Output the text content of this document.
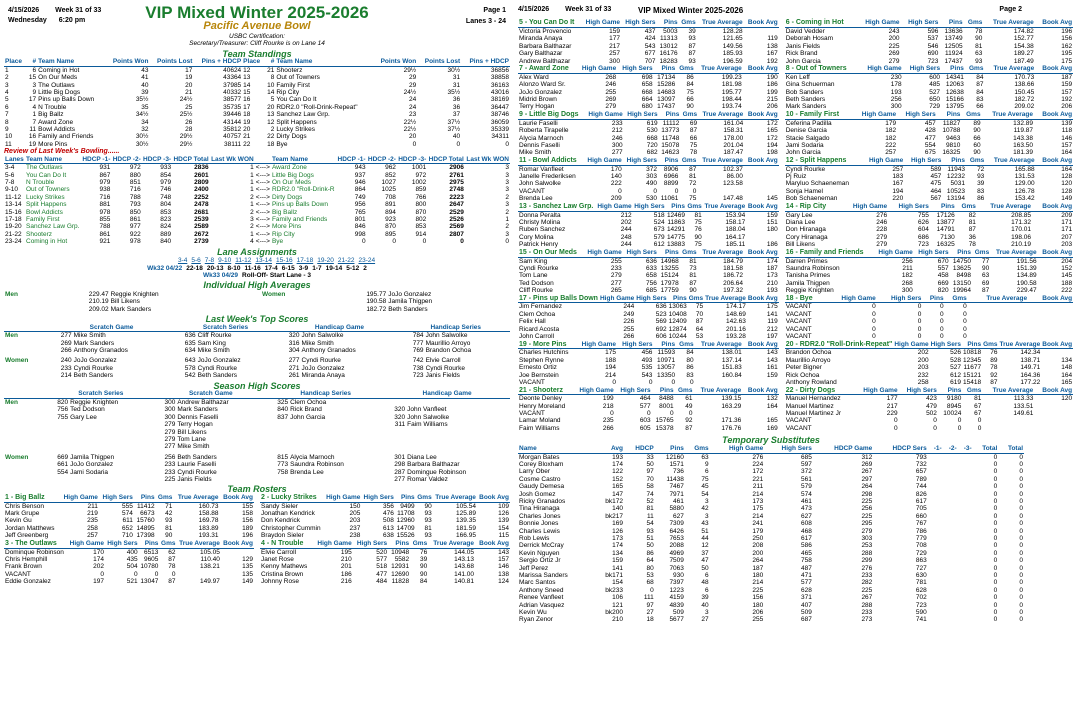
VIP Mixed Winter 2025-2026
4/15/2026 Week 31 of 33
Wednesday 6:20 pm
Page 1
Lanes 3 - 24
Pacific Avenue Bowl
USBC Certification:
Secretary/Treasurer: Cliff Rourke is on Lane 14
Team Standings
Place	#	Team Name	Points Won	Points Lost	Pins + HDCP	Place	#	Team Name	Points Won	Points Lost	Pins + HDCP
1	6	Coming in Hot	43	17	40624	12	21	Shooterz	29½	30½	36856
2	15	On Our Meds	41	19	43364	13	8	Out of Towners	29	31	38858
3	3	The Outlaws	40	20	37985	14	10	Family First	29	31	36163
4	9	Little Big Dogs	39	21	40332	15	14	Rip City	24½	35½	43016
5	17	Pins up Balls Down	35½	24½	38577	16	5	You Can Do It	24	36	38169
6	4	N Trouble	35	25	35735	17	20	RDR2.0 "Roll-Drink-Repeat"	24	36	36447
7	1	Big Ballz	34½	25½	39446	18	13	Sanchez Law Grp.	23	37	38746
8	7	Award Zone	34	26	43144	19	12	Split Happens	22½	37½	36059
9	11	Bowl Addicts	32	28	35812	20	2	Lucky Strikes	22½	37½	35339
10	16	Family and Friends	30½	29½	40757	21	22	Dirty Dogs	20	40	34311
11	19	More Pins	30½	29½	38111	22	18	Bye	0	0	0
Review of Last Week's Bowling......
Lanes	Team Name	HDCP -1-	HDCP -2-	HDCP -3-	HDCP Total	Last Wk WON		Team Name	HDCP -1-	HDCP -2-	HDCP -3-	HDCP Total	Last Wk WON
3-4	The Outlaws	931	972	933	2836	1	<--->	Award Zone	943	962	1001	2906	3
5-6	You Can Do It	867	880	854	2601	1	<--->	Little Big Dogs	937	852	972	2761	3
7-8	N Trouble	979	851	979	2809	1	<--->	On Our Meds	946	1027	1002	2975	3
9-10	Out of Towners	938	716	746	2400	1	<--->	RDR2.0 "Roll-Drink-R	864	1025	859	2748	3
11-12	Lucky Strikes	716	788	748	2252	2	<--->	Dirty Dogs	749	708	766	2223	2
13-14	Split Happens	881	793	804	2478	1	<--->	Pins up Balls Down	956	891	800	2647	3
15-16	Bowl Addicts	978	850	853	2681	2	<--->	Big Ballz	765	894	870	2529	2
17-18	Family First	855	861	823	2539	3	<--->	Family and Friends	801	923	802	2526	1
19-20	Sanchez Law Grp.	788	977	824	2589	2	<--->	More Pins	846	870	853	2569	2
21-22	Shooterz	861	922	889	2672	1	<--->	Rip City	998	895	914	2807	3
23-24	Coming in Hot	921	978	840	2739	4	<--->	Bye	0	0	0	0	0
Lane Assignments
3-4 5-6 7-8 9-10 11-12 13-14 15-16 17-18 19-20 21-22 23-24
Wk32 04/22 22-18 20-13 8-10 11-16 17-4 6-15 3-9 1-7 19-14 5-12 2
Wk33 04/29 Roll-Off- Start Lane - 3
Individual High Averages
Men	229.47	Reggie Knighten
	210.19	Bill Likens
	209.02	Mark Sanders
Women	195.77	JoJo Gonzalez
	190.58	Jamila Thigpen
	182.72	Beth Sanders
Last Week's Top Scores
	Scratch Game		Scratch Series		Handicap Game		Handicap Series	
Men	277	Mike Smith	636	Cliff Rourke	320	John Salwolke	784	John Salwolke
	269	Mark Sanders	635	Sam King	316	Mike Smith	777	Maurillio Arroyo
	266	Anthony Granados	634	Mike Smith	304	Anthony Granados	769	Brandon Ochoa

Women	240	JoJo Gonzalez	643	JoJo Gonzalez	277	Cyndi Rourke	742	Elvie Carroll
	233	Cyndi Rourke	578	Cyndi Rourke	271	JoJo Gonzalez	738	Cyndi Rourke
	214	Beth Sanders	542	Beth Sanders	261	Miranda Anaya	723	Janis Fields
Season High Scores
	Scratch Series		Scratch Game		Handicap Series		Handicap Game	
Men	820	Reggie Knighten	300	Andrew Balthazar	325	Clem Ochoa		
	756	Ted Dodson	300	Mark Sanders	840	Rick Brand	320	John Vanfleet
	755	Gary Lee	300	Dennis Faselli	837	John Garcia	320	John Salwolke
			279	Terry Hogan			311	Faim Williams
			279	Bill Likens				
			279	Tom Lane				
			277	Mike Smith				

Women	669	Jamila Thigpen	256	Beth Sanders	815	Alycia Marnoch	301	Diana Lee
	661	JoJo Gonzalez	233	Laurie Faselli	773	Saundra Robinson	298	Barbara Balthazar
	554	Jami Sodaria	233	Cyndi Rourke	758	Brenda Lee	287	Domingue Robinson
			225	Janis Fields			277	Romar Valdez
Team Rosters
1 - Big Ballz	High Game	High Sers	Pins	Gms	True Average	Book Avg
Chris Benson	211	555	11412	71	160.73	155
Mark Grupe	219	574	6673	42	158.88	158
Kevin Gu	235	611	15760	93	169.78	156
Jordan Matthews	258	652	14895	81	183.89	189
Jeff Greenberg	257	710	17398	90	193.31	196
3 - The Outlaws	High Game	High Sers	Pins	Gms	True Average	Book Avg
Dominque Robinson	170	400	6513	62	105.05	
Chris Hemphill	174	435	9605	87	110.40	129
Frank Brown	202	504	10780	78	138.21	135
VACANT	0	0	0	0		135
Eddie Gonzalez	197	521	13047	87	149.97	149
2 - Lucky Strikes	High Game	High Sers	Pins	Gms	True Average	Book Avg
Sandy Sieler	150	356	9499	90	105.54	109
Jonathan Kendrick	205	476	11708	93	125.89	126
Don Kendrick	203	508	12960	93	139.35	139
Christopher Cummin	237	613	14709	81	181.59	154
Braydon Sieler	238	638	15526	93	166.95	115
4 - N Trouble	High Game	High Sers	Pins	Gms	True Average	Book Avg
Elvie Carroll	195	520	10948	76	144.05	143
Janet Rose	210	577	5582	39	143.13	157
Kenny Mathews	201	518	12931	90	143.68	146
Cristina Brown	186	477	12690	90	141.00	138
Johnny Rose	216	484	11828	84	140.81	124
4/15/2026 Week 31 of 33	VIP Mixed Winter 2025-2026	Page 2
5 - You Can Do It	High Game	High Sers	Pins	Gms	True Average	Book Avg
Victoria Provencio	159	437	5003	39	128.28	
Miranda Anaya	177	424	11313	93	121.65	119
Barbara Balthazar	217	543	13012	87	149.56	138
Gary Balthazar	257	677	16176	87	185.93	167
Andrew Balthazar	300	707	18283	93	196.59	192
7 - Award Zone	High Game	High Sers	Pins	Gms	True Average	Book Avg
Alex Ward	268	698	17134	86	199.23	190
Alonzo Ward Sr.	246	658	15286	84	181.98	186
JoJo Gonzalez	255	668	14683	75	195.77	199
Midrid Brown	269	664	13097	66	198.44	215
Terry Hogan	279	680	17437	90	193.74	206
9 - Little Big Dogs	High Game	High Sers	Pins	Gms	True Average	Book Avg
Laurie Faselli	233	619	11112	69	161.04	172
Roberta Tirapelle	212	530	13773	87	158.31	165
Alycia Marnoch	246	668	11748	66	178.00	172
Dennis Faselli	300	720	15078	75	201.04	194
Mike Smith	277	682	14623	78	187.47	198
11 - Bowl Addicts	High Game	High Sers	Pins	Gms	True Average	Book Avg
Romar Vanfleet	170	372	8906	87	102.37	
Janelle Frederiksen	140	303	6966	81	86.00	
John Salwolke	222	490	8899	72	123.58	
VACANT	0	0	0	0		
Brenda Lee	209	530	11061	75	147.48	145
13 - Sanchez Law Grp.	High Game	High Sers	Pins	Gms	True Average	Book Avg
Donna Peralta	212	518	12469	81	153.94	159
Christy Molina	202	524	11863	75	158.17	151
Ruben Sanchez	244	673	14291	76	188.04	180
Cory Molina	248	579	14775	90	164.17	
Patrick Henry	244	612	13883	75	185.11	186
15 - On Our Meds	High Game	High Sers	Pins	Gms	True Average	Book Avg
Sam King	255	636	14968	81	184.79	174
Cyndi Rourke	233	633	13255	73	181.58	187
Tom Lane	279	658	15124	81	186.72	173
Ted Dodson	277	756	17978	87	206.64	210
Cliff Rourke	265	685	17759	90	197.32	193
17 - Pins up Balls Down	High Game	High Sers	Pins	Gms	True Average	Book Avg
Jim Fernandez	244	636	13063	75	174.17	175
Clem Ochoa	249	523	10408	70	148.69	141
Felix Hall	226	569	12409	87	142.63	119
Ricard Acosta	255	692	12874	64	201.16	212
John Carroll	266	606	10244	53	193.28	197
19 - More Pins	High Game	High Sers	Pins	Gms	True Average	Book Avg
Charles Hutchins	175	456	11593	84	138.01	143
Stephen Rynne	188	493	10971	80	137.14	143
Ernesto Ortiz	194	535	13057	86	151.83	161
Joe Bernstein	214	543	13350	83	160.84	159
VACANT	0	0	0	0		
21 - Shooterz	High Game	High Sers	Pins	Gms	True Average	Book Avg
Deonte Denley	199	464	8488	61	139.15	132
Henry Moreland	218	577	8001	49	163.29	164
VACANT	0	0	0	0		
Lamar Moland	235	603	15765	92	171.36	165
Faim Williams	266	605	15378	87	176.76	169
6 - Coming in Hot	High Game	High Sers	Pins	Gms	True Average	Book Avg
David Vedder	243	596	13636	78	174.82	196
Deborah Hosam	200	537	13749	90	152.77	156
Janis Fields	225	546	12505	81	154.38	162
Rick Brand	269	690	11924	63	189.27	195
John Garcia	279	723	17437	93	187.49	175
8 - Out of Towners	High Game	High Sers	Pins	Gms	True Average	Book Avg
Ken Leff	230	600	14341	84	170.73	187
Gina Schuerman	178	485	12063	87	138.66	159
Bob Sanders	193	527	12638	84	150.45	157
Beth Sanders	256	650	15166	83	182.72	192
Mark Sanders	300	729	13795	66	209.02	206
10 - Family First	High Game	High Sers	Pins	Gms	True Average	Book Avg
Ceferina Padilla	179	457	11827	89	132.89	139
Denise Garcia	182	428	10788	90	119.87	118
Stacie Salgado	182	477	9463	66	143.38	146
Jami Sodaria	222	554	9810	60	163.50	157
John Garcia	257	675	16325	90	181.39	164
12 - Split Happens	High Game	High Sers	Pins	Gms	True Average	Book Avg
Cyndi Rourke	257	589	11943	72	165.88	164
Pj Ruiz	183	457	12232	93	131.53	128
Maryluo Schaeneman	167	475	5031	39	129.00	120
Sonja Hamel	194	464	10523	83	126.78	128
Bob Schaeneman	220	567	13194	86	153.42	149
14 - Rip City	High Game	High Sers	Pins	Gms	True Average	Book Avg
Gary Lee	276	755	17126	82	208.85	209
Diana Lee	246	626	13877	81	171.32	171
Don Hiranaga	228	604	14791	87	170.01	171
Cory Hiranaga	279	686	7130	36	198.06	207
Bill Likens	279	723	16325	78	210.19	203
16 - Family and Friends	High Game	High Sers	Pins	Gms	True Average	Book Avg
Darren Primes	256	670	14750	77	191.56	204
Saundra Robinson	211	557	13625	90	151.39	152
Tanisha Primes	182	458	8498	63	134.89	145
Jamila Thigpen	268	669	13150	69	190.58	188
Reggie Knighten	300	820	19964	87	229.47	222
18 - Bye	High Game	High Sers	Pins	Gms	True Average	Book Avg
VACANT	0	0	0	0		
VACANT	0	0	0	0		
VACANT	0	0	0	0		
VACANT	0	0	0	0		
VACANT	0	0	0	0		
20 - RDR2.0 "Roll-Drink-Repeat"	High Game	High Sers	Pins	Gms	True Average	Book Avg
Brandon Ochoa	202	526	10818	76	142.34	
Maurillio Arroyo	200	528	12345	89	138.71	134
Peter Bigner	203	527	11677	78	149.71	148
Rick Ochoa	232	612	15121	92	164.36	164
Anthony Rowland	258	619	15418	87	177.22	165
22 - Dirty Dogs	High Game	High Sers	Pins	Gms	True Average	Book Avg
Manuel Hernandez	177	423	9180	81	113.33	120
Manuel Martinez	217	479	8945	67	133.51	
Manuel Martinez Jr	229	502	10024	67	149.61	
VACANT	0	0	0	0		
VACANT	0	0	0	0		
Temporary Substitutes
Name	Avg	HDCP	Pins	Gms	High Game	High Sers	HDCP Game	HDCP Sers	-1-	-2-	-3-	Total	Total
Morgan Bates	193	33	12160	63	276	685	312	793				0	0
Corey Bloxham	174	50	1571	9	224	597	269	732				0	0
Larry Ober	122	97	736	6	172	372	267	657				0	0
Cosme Castro	152	70	11438	75	221	561	297	789				0	0
Gaudy Demesa	165	58	7467	45	211	579	264	744				0	0
Josh Gomez	147	74	7971	54	214	574	298	826				0	0
Ricky Granados	bk172	52	461	3	173	461	225	617				0	0
Tina Hiranaga	140	81	5880	42	175	473	256	705				0	0
Charles Jones	bk217	11	627	3	214	627	225	660				0	0
Bonnie Jones	169	54	7309	43	241	608	295	767				0	0
Charles Lewis	126	93	6426	51	179	468	279	786				0	0
Rob Lewis	173	51	7653	44	250	617	303	779				0	0
Derrick McCray	174	50	2088	12	208	586	253	708				0	0
Kevin Nguyen	134	86	4969	37	200	465	288	729				0	0
Sergio Ortiz Jr	159	64	7509	47	264	758	299	863				0	0
Jeff Perez	141	80	7063	50	187	487	276	727				0	0
Marissa Sanders	bk171	53	930	6	180	471	233	630				0	0
Marc Santos	154	68	7397	48	214	577	282	781				0	0
Anthony Sneed	bk233	0	1223	6	225	628	225	628				0	0
Renee Vanfleet	106	111	4159	39	156	371	267	702				0	0
Adrian Vasquez	121	97	4839	40	180	407	288	723				0	0
Kevin Wu	bk200	27	509	3	206	509	233	590				0	0
Ryan Zenor	210	18	5677	27	255	687	273	741				0	0
